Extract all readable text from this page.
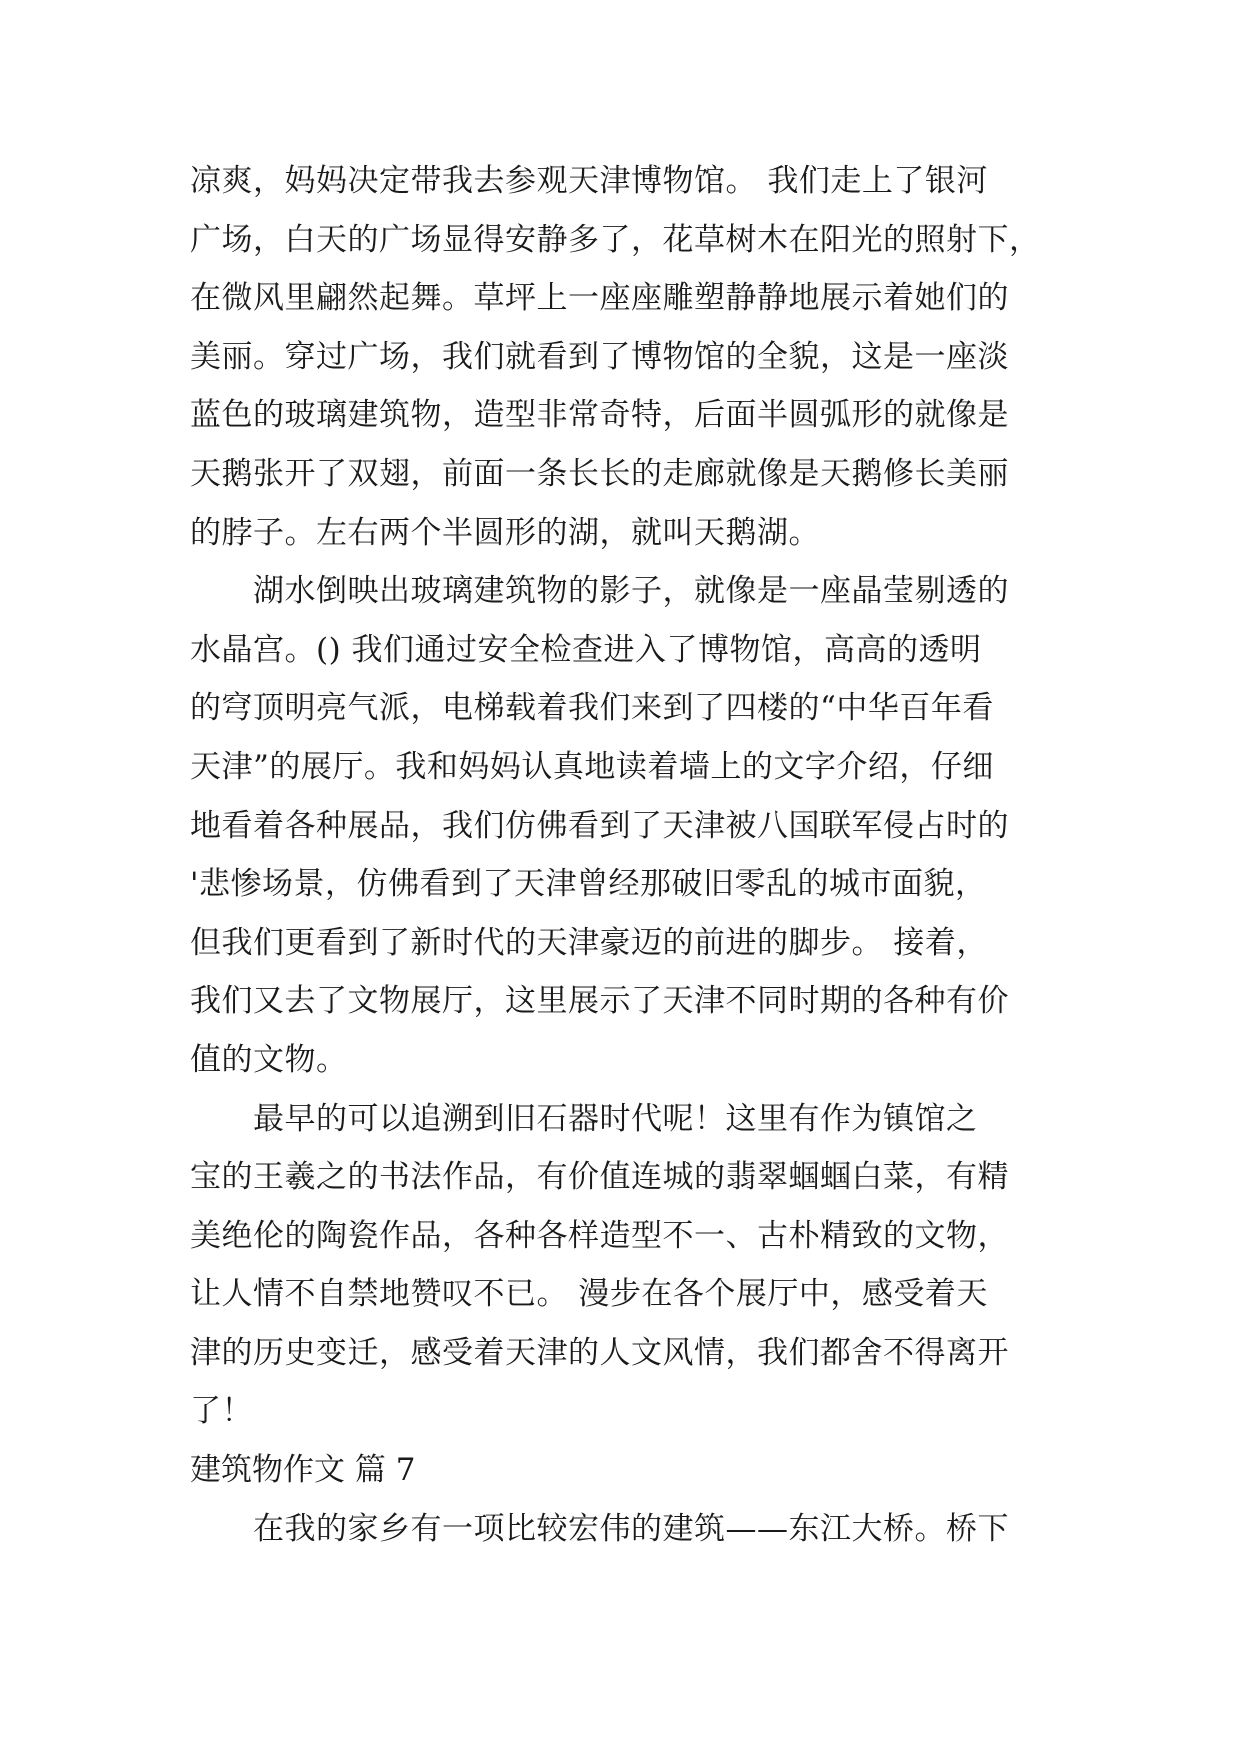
凉爽，妈妈决定带我去参观天津博物馆。 我们走上了银河
广场，白天的广场显得安静多了，花草树木在阳光的照射下，
在微风里翩然起舞。草坪上一座座雕塑静静地展示着她们的
美丽。穿过广场，我们就看到了博物馆的全貌，这是一座淡
蓝色的玻璃建筑物，造型非常奇特，后面半圆弧形的就像是
天鹅张开了双翅，前面一条长长的走廊就像是天鹅修长美丽
的脖子。左右两个半圆形的湖，就叫天鹅湖。
　　湖水倒映出玻璃建筑物的影子，就像是一座晶莹剔透的
水晶宫。() 我们通过安全检查进入了博物馆，高高的透明
的穹顶明亮气派，电梯载着我们来到了四楼的“中华百年看
天津”的展厅。我和妈妈认真地读着墙上的文字介绍，仔细
地看着各种展品，我们仿佛看到了天津被八国联军侵占时的
'悲惨场景，仿佛看到了天津曾经那破旧零乱的城市面貌，
但我们更看到了新时代的天津豪迈的前进的脚步。 接着，
我们又去了文物展厅，这里展示了天津不同时期的各种有价
值的文物。
　　最早的可以追溯到旧石器时代呢！这里有作为镇馆之
宝的王羲之的书法作品，有价值连城的翡翠蝈蝈白菜，有精
美绝伦的陶瓷作品，各种各样造型不一、古朴精致的文物，
让人情不自禁地赞叹不已。 漫步在各个展厅中，感受着天
津的历史变迁，感受着天津的人文风情，我们都舍不得离开
了！
建筑物作文 篇 7
　　在我的家乡有一项比较宏伟的建筑——东江大桥。桥下
